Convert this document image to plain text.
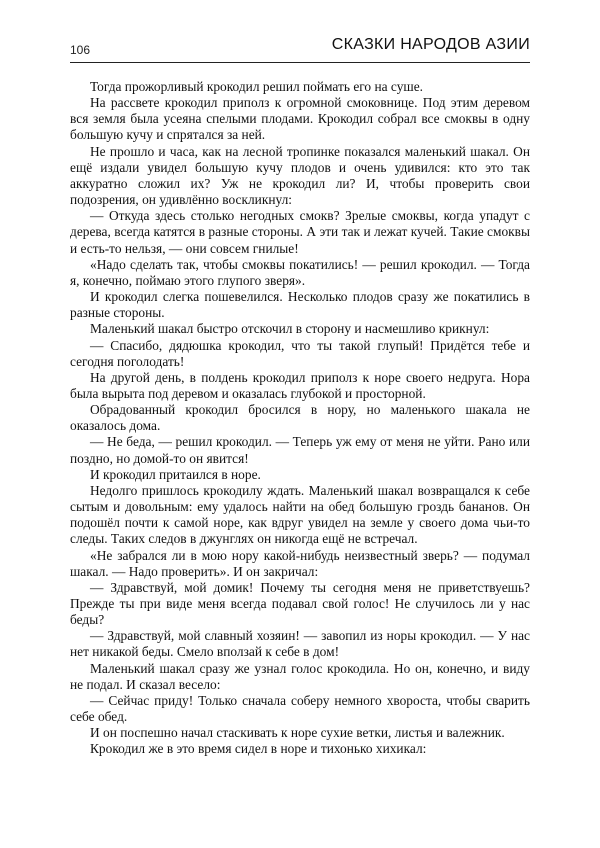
106	СКАЗКИ НАРОДОВ АЗИИ

Тогда прожорливый крокодил решил поймать его на суше.

На рассвете крокодил приполз к огромной смоковнице. Под этим деревом вся земля была усеяна спелыми плодами. Крокодил собрал все смоквы в одну большую кучу и спрятался за ней.

Не прошло и часа, как на лесной тропинке показался маленький шакал. Он ещё издали увидел большую кучу плодов и очень удивился: кто это так аккуратно сложил их? Уж не крокодил ли? И, чтобы проверить свои подозрения, он удивлённо воскликнул:

— Откуда здесь столько негодных смокв? Зрелые смоквы, когда упадут с дерева, всегда катятся в разные стороны. А эти так и лежат кучей. Такие смоквы и есть-то нельзя, — они совсем гнилые!

«Надо сделать так, чтобы смоквы покатились! — решил крокодил. — Тогда я, конечно, поймаю этого глупого зверя».

И крокодил слегка пошевелился. Несколько плодов сразу же покатились в разные стороны.

Маленький шакал быстро отскочил в сторону и насмешливо крикнул:

— Спасибо, дядюшка крокодил, что ты такой глупый! Придётся тебе и сегодня поголодать!

На другой день, в полдень крокодил приполз к норе своего недруга. Нора была вырыта под деревом и оказалась глубокой и просторной.

Обрадованный крокодил бросился в нору, но маленького шакала не оказалось дома.

— Не беда, — решил крокодил. — Теперь уж ему от меня не уйти. Рано или поздно, но домой-то он явится!

И крокодил притаился в норе.

Недолго пришлось крокодилу ждать. Маленький шакал возвращался к себе сытым и довольным: ему удалось найти на обед большую гроздь бананов. Он подошёл почти к самой норе, как вдруг увидел на земле у своего дома чьи-то следы. Таких следов в джунглях он никогда ещё не встречал.

«Не забрался ли в мою нору какой-нибудь неизвестный зверь? — подумал шакал. — Надо проверить». И он закричал:

— Здравствуй, мой домик! Почему ты сегодня меня не приветствуешь? Прежде ты при виде меня всегда подавал свой голос! Не случилось ли у нас беды?

— Здравствуй, мой славный хозяин! — завопил из норы крокодил. — У нас нет никакой беды. Смело вползай к себе в дом!

Маленький шакал сразу же узнал голос крокодила. Но он, конечно, и виду не подал. И сказал весело:

— Сейчас приду! Только сначала соберу немного хвороста, чтобы сварить себе обед.

И он поспешно начал стаскивать к норе сухие ветки, листья и валежник.

Крокодил же в это время сидел в норе и тихонько хихикал:
